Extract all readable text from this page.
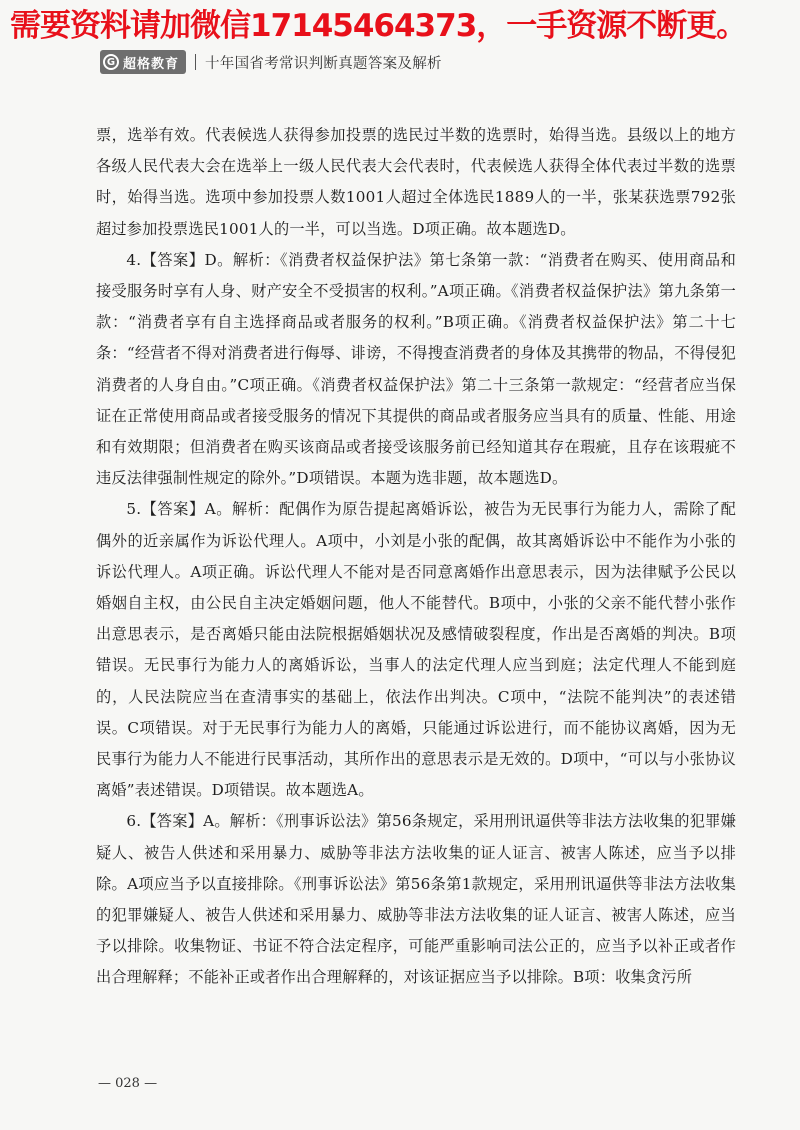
需要资料请加微信17145464373，一手资源不断更。
G 超格教育 十年国省考常识判断真题答案及解析

票，选举有效。代表候选人获得参加投票的选民过半数的选票时，始得当选。县级以上的地方各级人民代表大会在选举上一级人民代表大会代表时，代表候选人获得全体代表过半数的选票时，始得当选。选项中参加投票人数1001人超过全体选民1889人的一半，张某获选票792张超过参加投票选民1001人的一半，可以当选。D项正确。故本题选D。

4.【答案】D。解析：《消费者权益保护法》第七条第一款：“消费者在购买、使用商品和接受服务时享有人身、财产安全不受损害的权利。”A项正确。《消费者权益保护法》第九条第一款：“消费者享有自主选择商品或者服务的权利。”B项正确。《消费者权益保护法》第二十七条：“经营者不得对消费者进行侮辱、诽谤，不得搜查消费者的身体及其携带的物品，不得侵犯消费者的人身自由。”C项正确。《消费者权益保护法》第二十三条第一款规定：“经营者应当保证在正常使用商品或者接受服务的情况下其提供的商品或者服务应当具有的质量、性能、用途和有效期限；但消费者在购买该商品或者接受该服务前已经知道其存在瑕疵，且存在该瑕疵不违反法律强制性规定的除外。”D项错误。本题为选非题，故本题选D。

5.【答案】A。解析：配偶作为原告提起离婚诉讼，被告为无民事行为能力人，需除了配偶外的近亲属作为诉讼代理人。A项中，小刘是小张的配偶，故其离婚诉讼中不能作为小张的诉讼代理人。A项正确。诉讼代理人不能对是否同意离婚作出意思表示，因为法律赋予公民以婚姻自主权，由公民自主决定婚姻问题，他人不能替代。B项中，小张的父亲不能代替小张作出意思表示，是否离婚只能由法院根据婚姻状况及感情破裂程度，作出是否离婚的判决。B项错误。无民事行为能力人的离婚诉讼，当事人的法定代理人应当到庭；法定代理人不能到庭的，人民法院应当在查清事实的基础上，依法作出判决。C项中，“法院不能判决”的表述错误。C项错误。对于无民事行为能力人的离婚，只能通过诉讼进行，而不能协议离婚，因为无民事行为能力人不能进行民事活动，其所作出的意思表示是无效的。D项中，“可以与小张协议离婚”表述错误。D项错误。故本题选A。

6.【答案】A。解析：《刑事诉讼法》第56条规定，采用刑讯逼供等非法方法收集的犯罪嫌疑人、被告人供述和采用暴力、威胁等非法方法收集的证人证言、被害人陈述，应当予以排除。A项应当予以直接排除。《刑事诉讼法》第56条第1款规定，采用刑讯逼供等非法方法收集的犯罪嫌疑人、被告人供述和采用暴力、威胁等非法方法收集的证人证言、被害人陈述，应当予以排除。收集物证、书证不符合法定程序，可能严重影响司法公正的，应当予以补正或者作出合理解释；不能补正或者作出合理解释的，对该证据应当予以排除。B项：收集贪污所

— 028 —
